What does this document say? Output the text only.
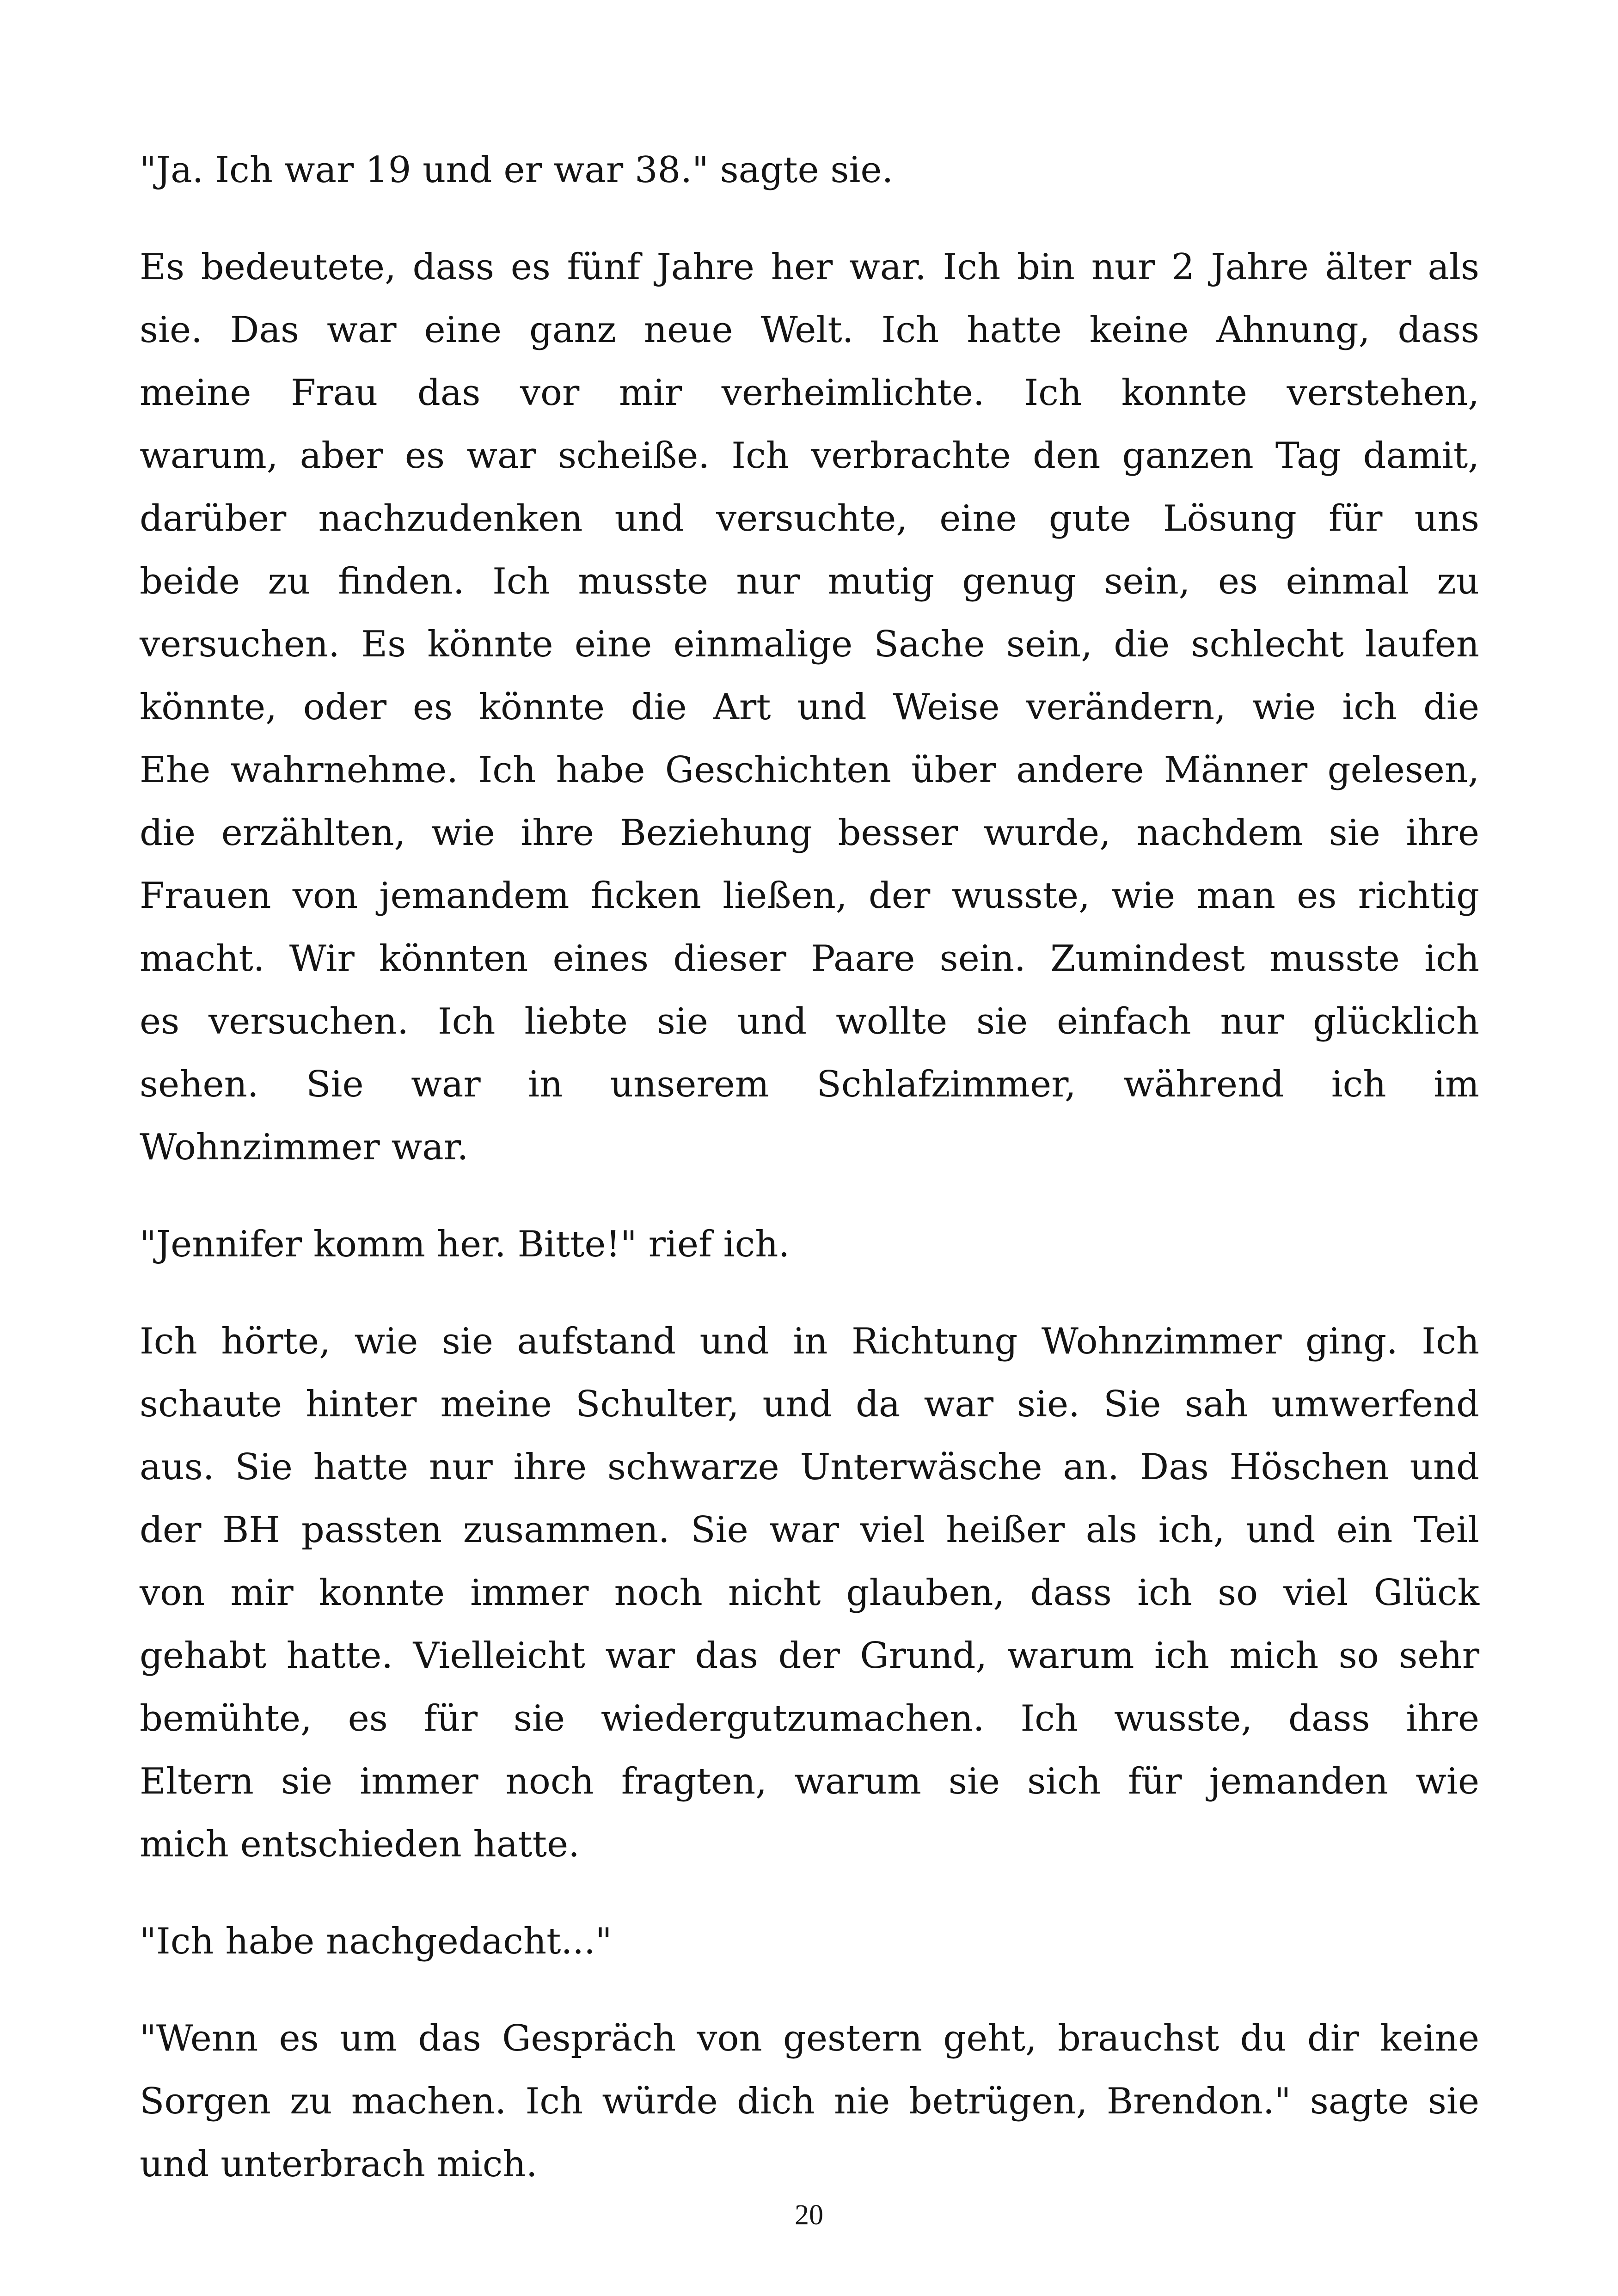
"Ja. Ich war 19 und er war 38." sagte sie.

Es bedeutete, dass es fünf Jahre her war. Ich bin nur 2 Jahre älter als
sie. Das war eine ganz neue Welt. Ich hatte keine Ahnung, dass
meine Frau das vor mir verheimlichte. Ich konnte verstehen,
warum, aber es war scheiße. Ich verbrachte den ganzen Tag damit,
darüber nachzudenken und versuchte, eine gute Lösung für uns
beide zu finden. Ich musste nur mutig genug sein, es einmal zu
versuchen. Es könnte eine einmalige Sache sein, die schlecht laufen
könnte, oder es könnte die Art und Weise verändern, wie ich die
Ehe wahrnehme. Ich habe Geschichten über andere Männer gelesen,
die erzählten, wie ihre Beziehung besser wurde, nachdem sie ihre
Frauen von jemandem ficken ließen, der wusste, wie man es richtig
macht. Wir könnten eines dieser Paare sein. Zumindest musste ich
es versuchen. Ich liebte sie und wollte sie einfach nur glücklich
sehen. Sie war in unserem Schlafzimmer, während ich im
Wohnzimmer war.

"Jennifer komm her. Bitte!" rief ich.

Ich hörte, wie sie aufstand und in Richtung Wohnzimmer ging. Ich
schaute hinter meine Schulter, und da war sie. Sie sah umwerfend
aus. Sie hatte nur ihre schwarze Unterwäsche an. Das Höschen und
der BH passten zusammen. Sie war viel heißer als ich, und ein Teil
von mir konnte immer noch nicht glauben, dass ich so viel Glück
gehabt hatte. Vielleicht war das der Grund, warum ich mich so sehr
bemühte, es für sie wiedergutzumachen. Ich wusste, dass ihre
Eltern sie immer noch fragten, warum sie sich für jemanden wie
mich entschieden hatte.

"Ich habe nachgedacht..."

"Wenn es um das Gespräch von gestern geht, brauchst du dir keine
Sorgen zu machen. Ich würde dich nie betrügen, Brendon." sagte sie
und unterbrach mich.

20
